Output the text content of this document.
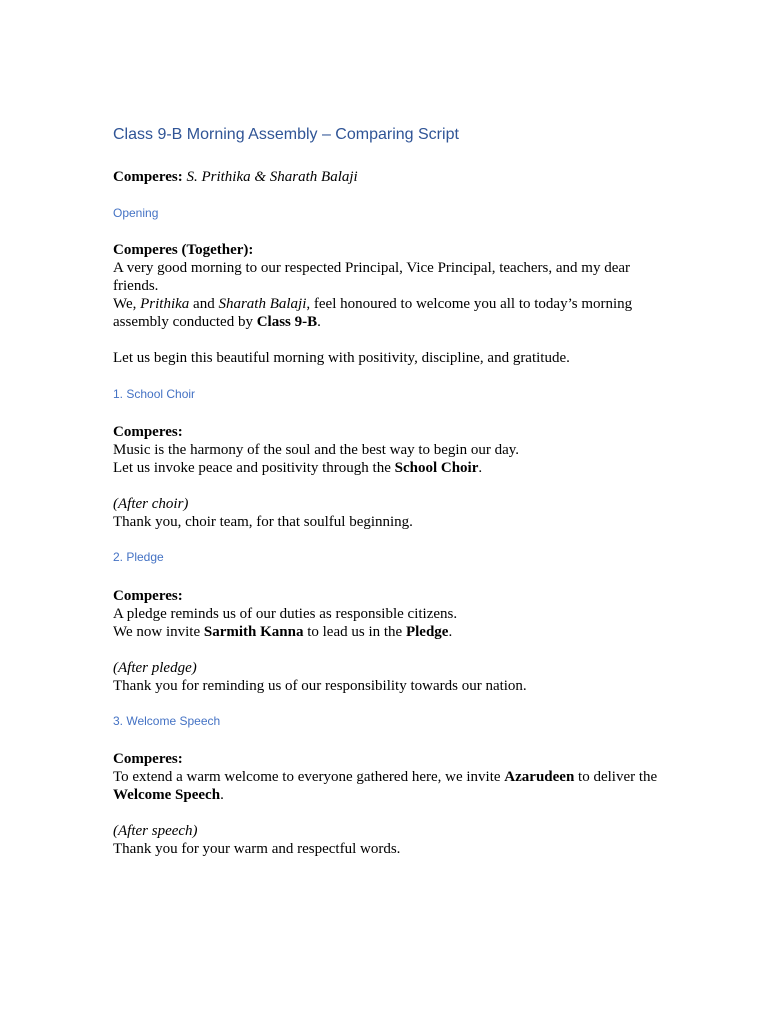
Class 9-B Morning Assembly – Comparing Script
Comperes: S. Prithika & Sharath Balaji
Opening
Comperes (Together):
A very good morning to our respected Principal, Vice Principal, teachers, and my dear friends.
We, Prithika and Sharath Balaji, feel honoured to welcome you all to today’s morning assembly conducted by Class 9-B.
Let us begin this beautiful morning with positivity, discipline, and gratitude.
1. School Choir
Comperes:
Music is the harmony of the soul and the best way to begin our day.
Let us invoke peace and positivity through the School Choir.
(After choir)
Thank you, choir team, for that soulful beginning.
2. Pledge
Comperes:
A pledge reminds us of our duties as responsible citizens.
We now invite Sarmith Kanna to lead us in the Pledge.
(After pledge)
Thank you for reminding us of our responsibility towards our nation.
3. Welcome Speech
Comperes:
To extend a warm welcome to everyone gathered here, we invite Azarudeen to deliver the Welcome Speech.
(After speech)
Thank you for your warm and respectful words.
